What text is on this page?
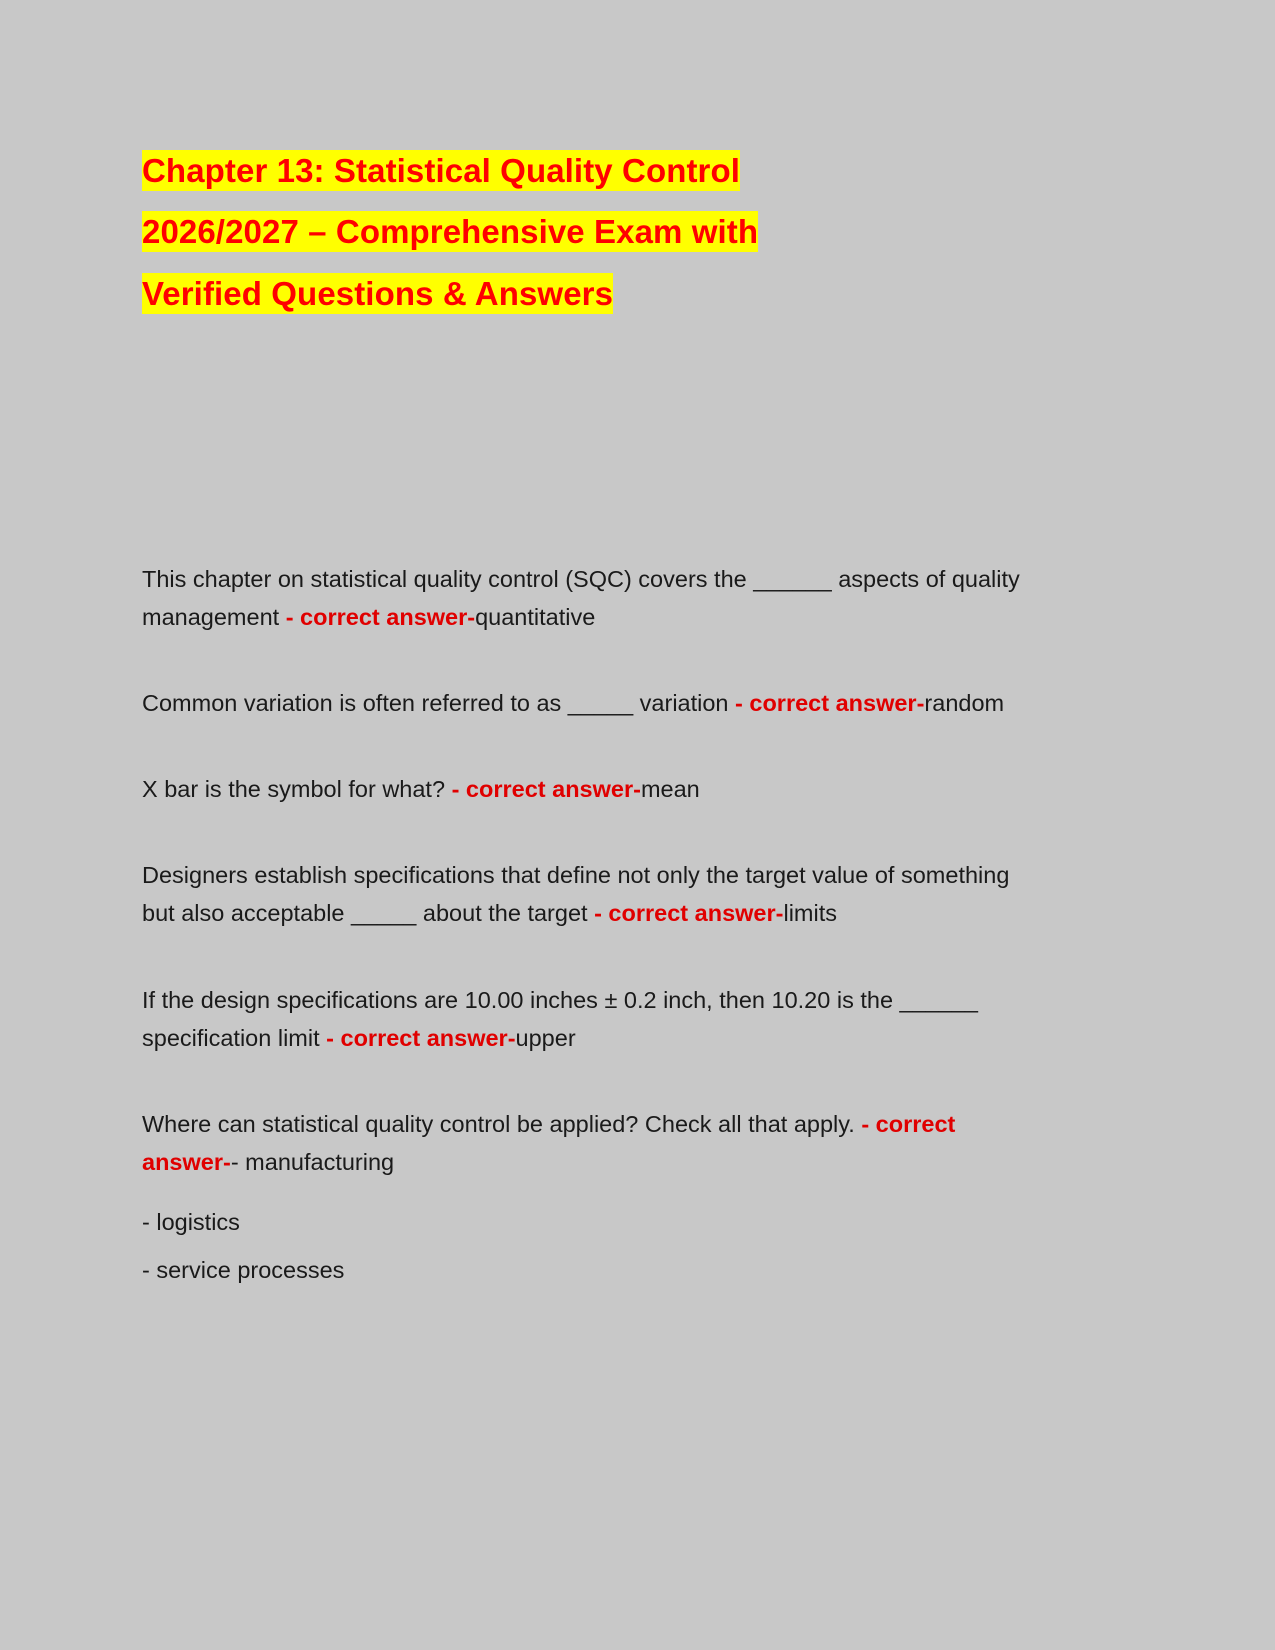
Chapter 13: Statistical Quality Control
2026/2027 – Comprehensive Exam with
Verified Questions & Answers

This chapter on statistical quality control (SQC) covers the ______ aspects of quality management - correct answer-quantitative

Common variation is often referred to as _____ variation - correct answer-random

X bar is the symbol for what? - correct answer-mean

Designers establish specifications that define not only the target value of something but also acceptable _____ about the target - correct answer-limits

If the design specifications are 10.00 inches ± 0.2 inch, then 10.20 is the ______ specification limit - correct answer-upper

Where can statistical quality control be applied? Check all that apply. - correct answer-- manufacturing

- logistics

- service processes
